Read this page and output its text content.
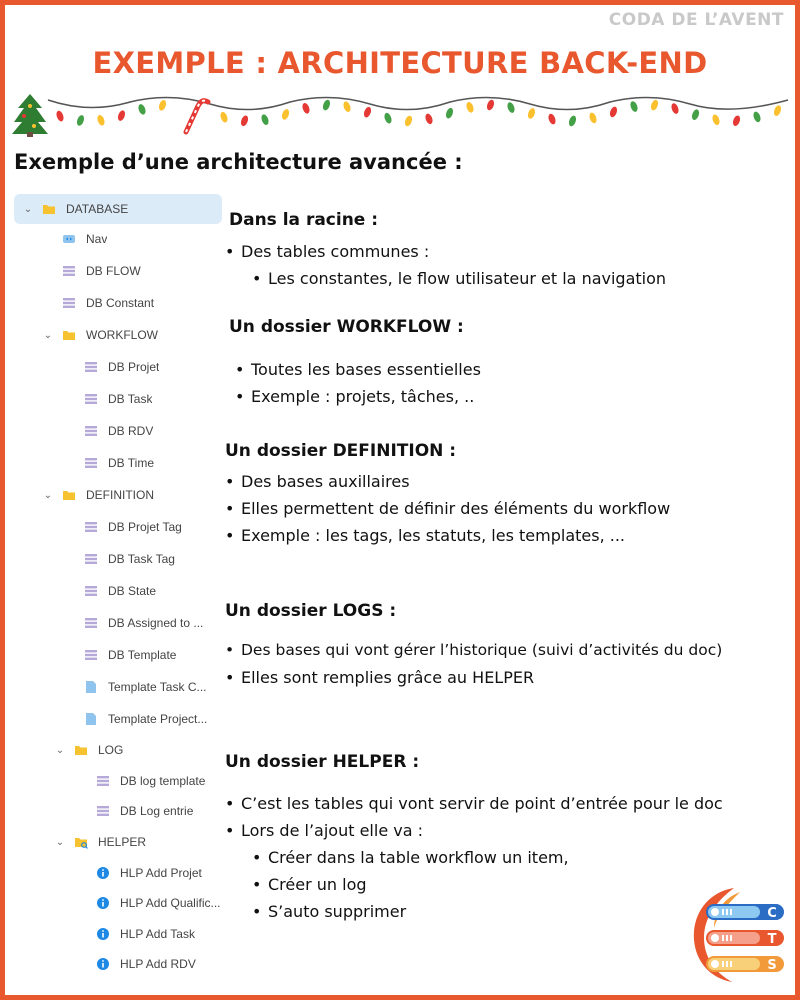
CODA DE L’AVENT
EXEMPLE : ARCHITECTURE BACK-END
Exemple d’une architecture avancée :
⌄	DATABASE
Nav
DB FLOW
DB Constant
⌄	WORKFLOW
DB Projet
DB Task
DB RDV
DB Time
⌄	DEFINITION
DB Projet Tag
DB Task Tag
DB State
DB Assigned to ...
DB Template
Template Task C...
Template Project...
⌄	LOG
DB log template
DB Log entrie
⌄	HELPER
HLP Add Projet
HLP Add Qualific...
HLP Add Task
HLP Add RDV
Dans la racine :
• Des tables communes :
• Les constantes, le flow utilisateur et la navigation
Un dossier WORKFLOW :
• Toutes les bases essentielles
• Exemple : projets, tâches, ..
Un dossier DEFINITION :
• Des bases auxillaires
• Elles permettent de définir des éléments du workflow
• Exemple : les tags, les statuts, les templates, ...
Un dossier LOGS :
• Des bases qui vont gérer l’historique (suivi d’activités du doc)
• Elles sont remplies grâce au HELPER
Un dossier HELPER :
• C’est les tables qui vont servir de point d’entrée pour le doc
• Lors de l’ajout elle va :
• Créer dans la table workflow un item,
• Créer un log
• S’auto supprimer	C
T
S
